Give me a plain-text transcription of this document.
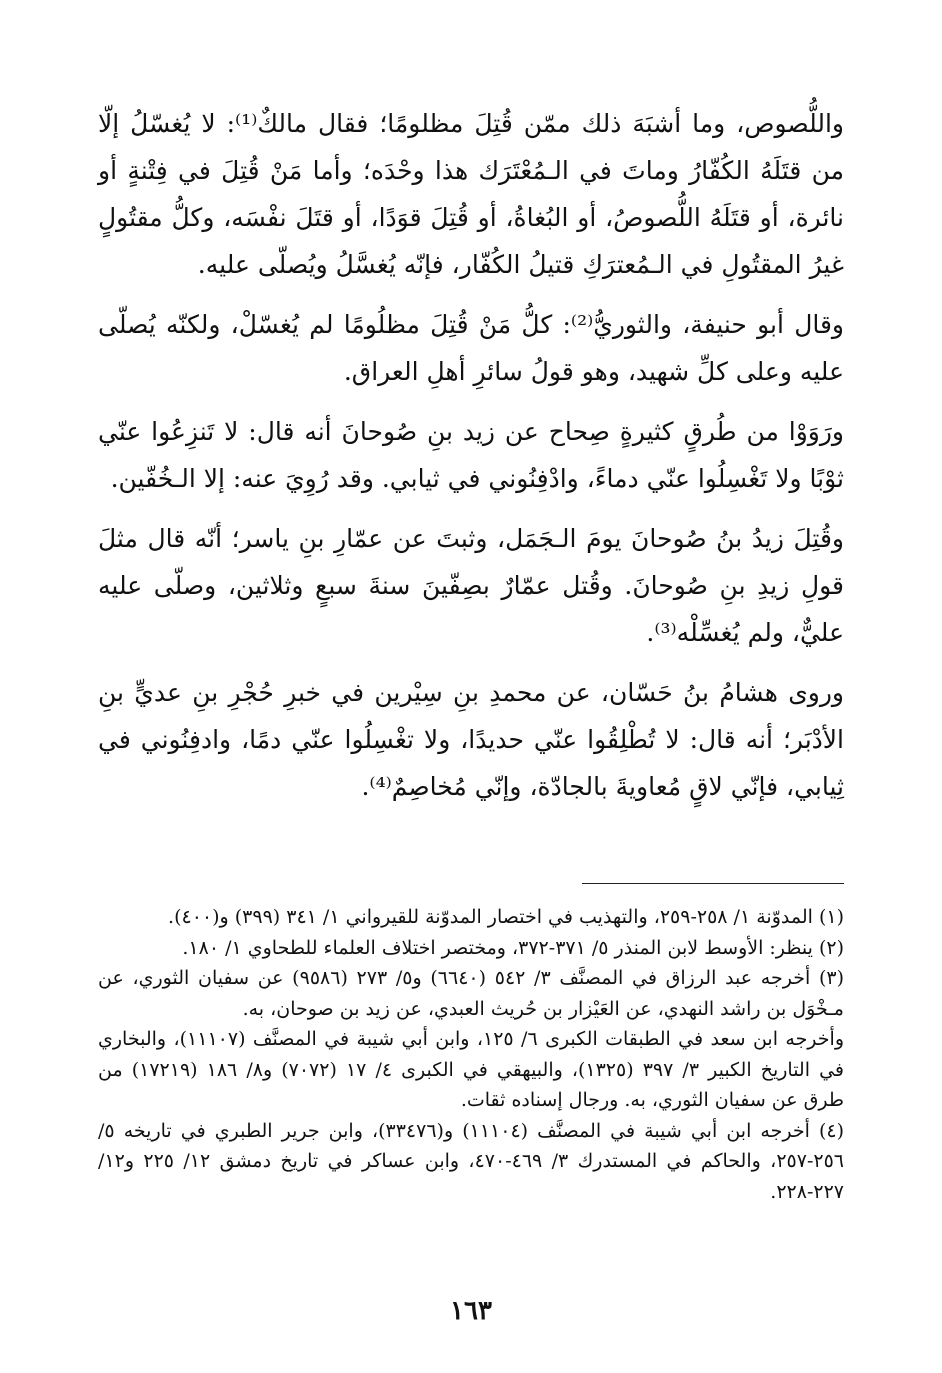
واللُّصوص، وما أشبَهَ ذلك ممّن قُتِلَ مظلومًا؛ فقال مالكٌ⁽¹⁾: لا يُغسّلُ إلّا من قتَلَهُ الكُفّارُ وماتَ في الـمُعْتَرَك هذا وحْدَه؛ وأما مَنْ قُتِلَ في فِتْنةٍ أو نائرة، أو قتَلَهُ اللُّصوصُ، أو البُغاةُ، أو قُتِلَ قوَدًا، أو قتَلَ نفْسَه، وكلُّ مقتُولٍ غيرُ المقتُولِ في الـمُعترَكِ قتيلُ الكُفّار، فإنّه يُغسَّلُ ويُصلّى عليه.

وقال أبو حنيفة، والثوريُّ⁽²⁾: كلُّ مَنْ قُتِلَ مظلُومًا لم يُغسّلْ، ولكنّه يُصلّى عليه وعلى كلِّ شهيد، وهو قولُ سائرِ أهلِ العراق.

ورَوَوْا من طُرقٍ كثيرةٍ صِحاح عن زيد بنِ صُوحانَ أنه قال: لا تَنزِعُوا عنّي ثوْبًا ولا تَغْسِلُوا عنّي دماءً، وادْفِنُوني في ثيابي. وقد رُوِيَ عنه: إلا الـخُفّين.

وقُتِلَ زيدُ بنُ صُوحانَ يومَ الـجَمَل، وثبتَ عن عمّارِ بنِ ياسر؛ أنّه قال مثلَ قولِ زيدِ بنِ صُوحانَ. وقُتل عمّارٌ بصِفّينَ سنةَ سبعٍ وثلاثين، وصلّى عليه عليٌّ، ولم يُغسِّلْه⁽³⁾.

وروى هشامُ بنُ حَسّان، عن محمدِ بنِ سِيْرين في خبرِ حُجْرِ بنِ عديٍّ بنِ الأدْبَر؛ أنه قال: لا تُطْلِقُوا عنّي حديدًا، ولا تغْسِلُوا عنّي دمًا، وادفِنُوني في ثِيابي، فإنّي لاقٍ مُعاويةَ بالجادّة، وإنّي مُخاصِمٌ⁽⁴⁾.

(١) المدوّنة ١/ ٢٥٨-٢٥٩، والتهذيب في اختصار المدوّنة للقيرواني ١/ ٣٤١ (٣٩٩) و(٤٠٠).

(٢) ينظر: الأوسط لابن المنذر ٥/ ٣٧١-٣٧٢، ومختصر اختلاف العلماء للطحاوي ١/ ١٨٠.

(٣) أخرجه عبد الرزاق في المصنَّف ٣/ ٥٤٢ (٦٦٤٠) و٥/ ٢٧٣ (٩٥٨٦) عن سفيان الثوري، عن مـخْوَل بن راشد النهدي، عن العَيْزار بن حُريث العبدي، عن زيد بن صوحان، به.

وأخرجه ابن سعد في الطبقات الكبرى ٦/ ١٢٥، وابن أبي شيبة في المصنَّف (١١١٠٧)، والبخاري في التاريخ الكبير ٣/ ٣٩٧ (١٣٢٥)، والبيهقي في الكبرى ٤/ ١٧ (٧٠٧٢) و٨/ ١٨٦ (١٧٢١٩) من طرق عن سفيان الثوري، به. ورجال إسناده ثقات.

(٤) أخرجه ابن أبي شيبة في المصنَّف (١١١٠٤) و(٣٣٤٧٦)، وابن جرير الطبري في تاريخه ٥/ ٢٥٦-٢٥٧، والحاكم في المستدرك ٣/ ٤٦٩-٤٧٠، وابن عساكر في تاريخ دمشق ١٢/ ٢٢٥ و١٢/ ٢٢٧-٢٢٨.

١٦٣
